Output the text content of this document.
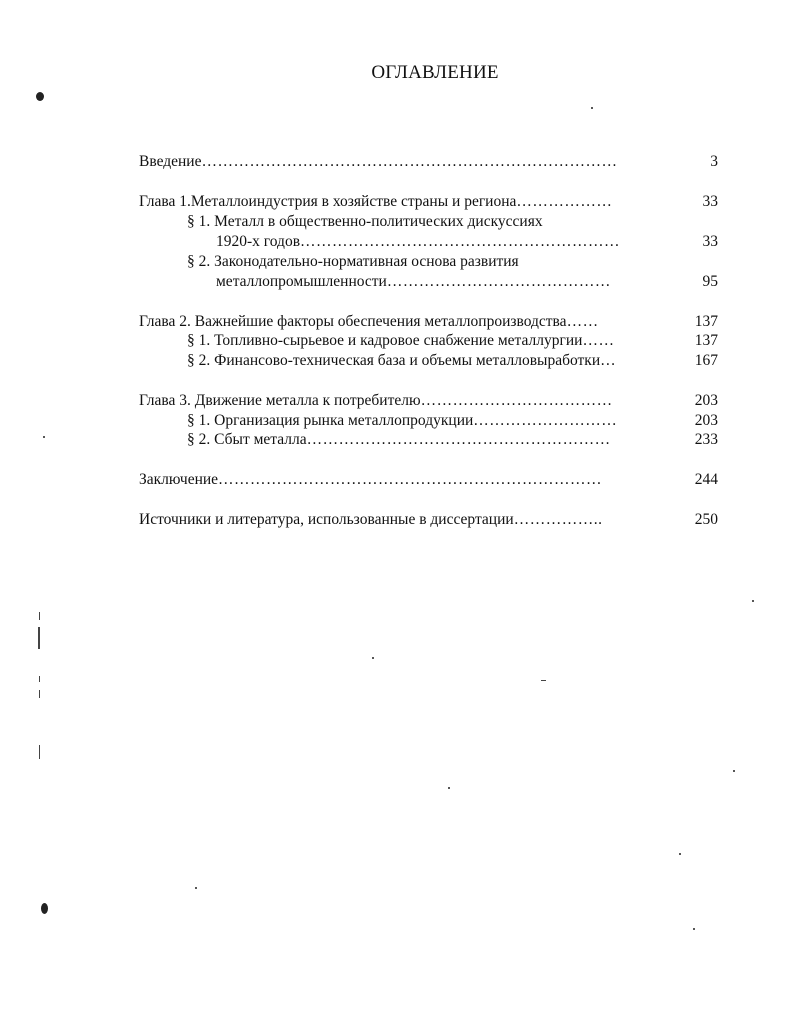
ОГЛАВЛЕНИЕ
Введение……………………………………………………………………	3
Глава 1.Металлоиндустрия в хозяйстве страны и региона………………	33
§ 1. Металл в общественно-политических дискуссиях
1920-х годов……………………………………………………	33
§ 2. Законодательно-нормативная основа развития
металлопромышленности……………………………………	95
Глава 2. Важнейшие факторы обеспечения металлопроизводства……	137
§ 1. Топливно-сырьевое и кадровое снабжение металлургии……	137
§ 2. Финансово-техническая база и объемы металловыработки…	167
Глава 3. Движение металла к потребителю………………………………	203
§ 1. Организация рынка металлопродукции………………………	203
§ 2. Сбыт металла…………………………………………………	233
Заключение………………………………………………………………	244
Источники и литература, использованные в диссертации……………..	250
